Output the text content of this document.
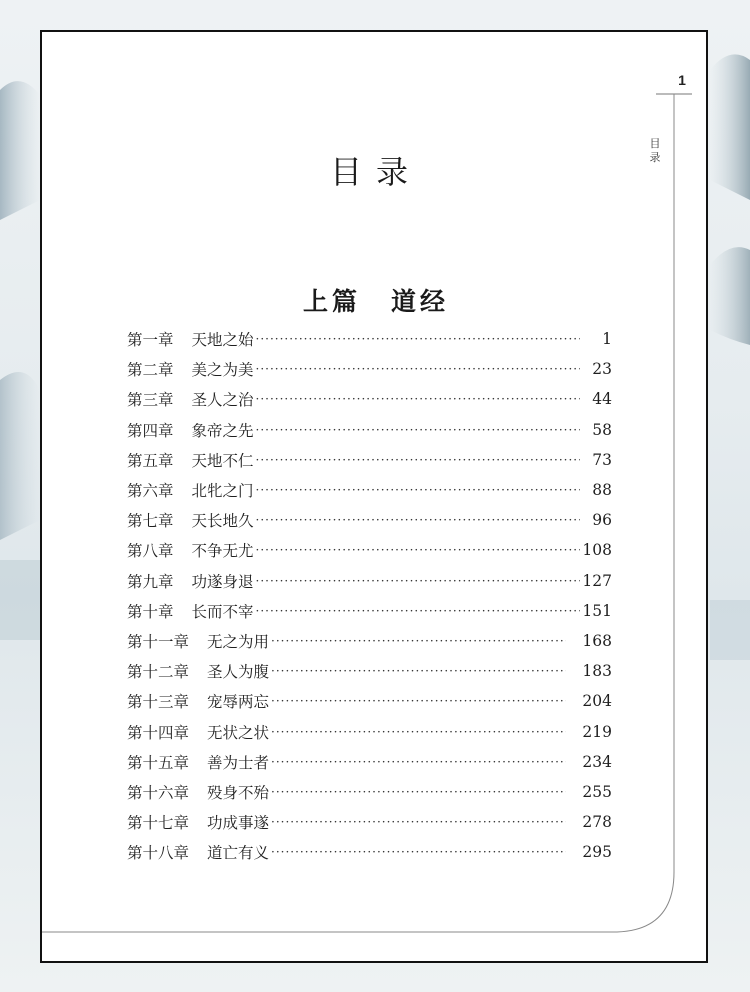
1
目录
目录
上篇 道经
第一章 天地之始 ·····	1
第二章 美之为美 ·····	23
第三章 圣人之治 ·····	44
第四章 象帝之先 ·····	58
第五章 天地不仁 ·····	73
第六章 北牝之门 ·····	88
第七章 天长地久 ·····	96
第八章 不争无尤 ·····	108
第九章 功遂身退 ·····	127
第十章 长而不宰 ·····	151
第十一章 无之为用 ·····	168
第十二章 圣人为腹 ·····	183
第十三章 宠辱两忘 ·····	204
第十四章 无状之状 ·····	219
第十五章 善为士者 ·····	234
第十六章 殁身不殆 ·····	255
第十七章 功成事遂 ·····	278
第十八章 道亡有义 ·····	295
